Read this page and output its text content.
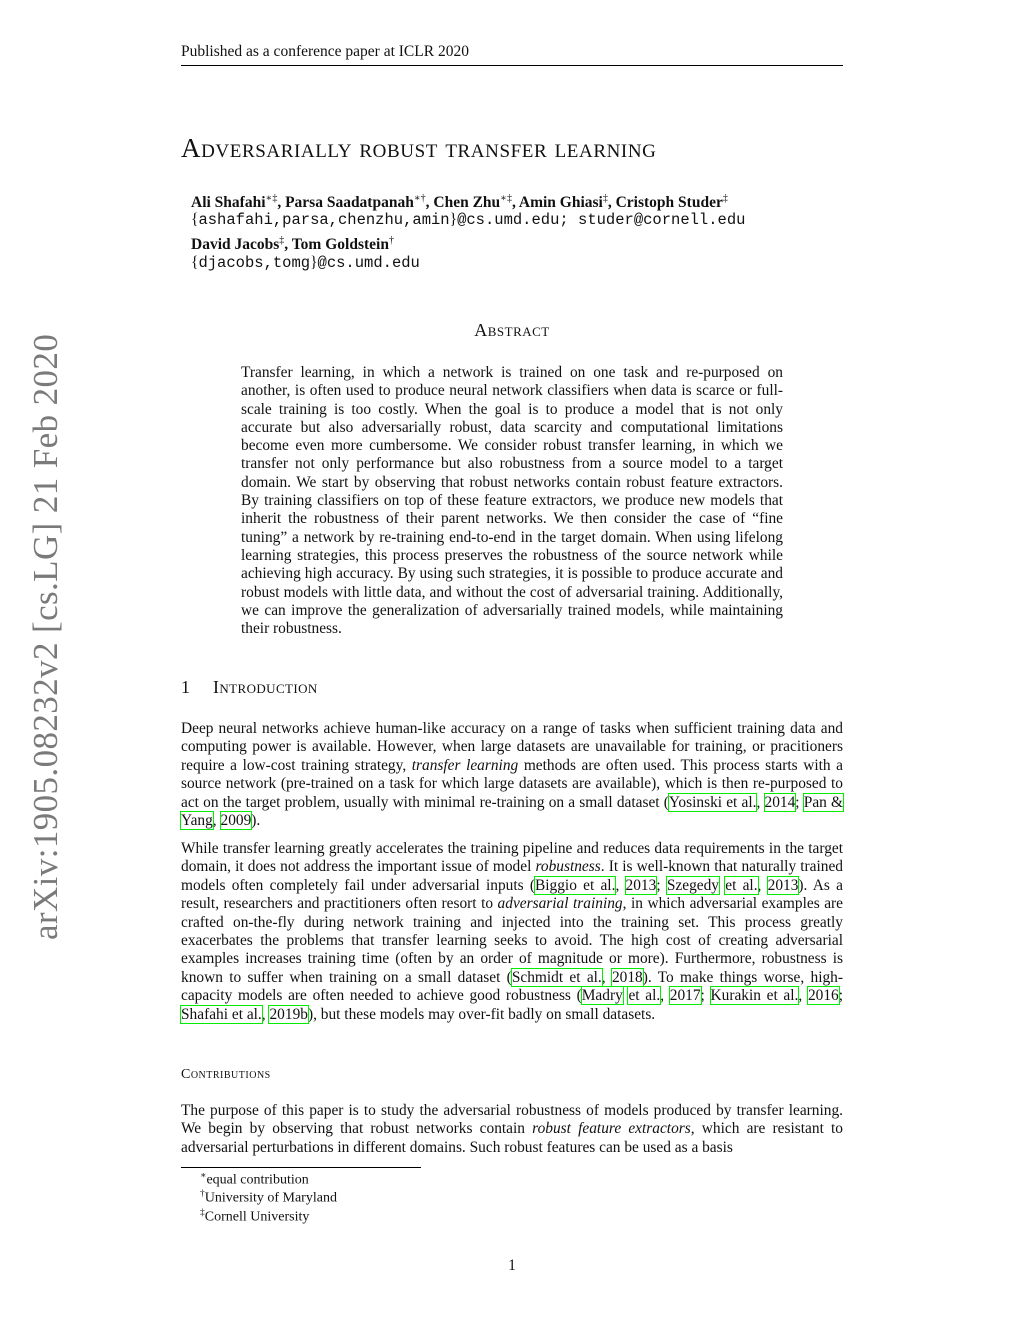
Published as a conference paper at ICLR 2020
Adversarially robust transfer learning
Ali Shafahi∗‡, Parsa Saadatpanah∗†, Chen Zhu∗‡, Amin Ghiasi‡, Cristoph Studer‡
{ashafahi,parsa,chenzhu,amin}@cs.umd.edu; studer@cornell.edu
David Jacobs‡, Tom Goldstein†
{djacobs,tomg}@cs.umd.edu
Abstract
Transfer learning, in which a network is trained on one task and re-purposed on another, is often used to produce neural network classifiers when data is scarce or full-scale training is too costly. When the goal is to produce a model that is not only accurate but also adversarially robust, data scarcity and computational limitations become even more cumbersome. We consider robust transfer learning, in which we transfer not only performance but also robustness from a source model to a target domain. We start by observing that robust networks contain robust feature extractors. By training classifiers on top of these feature extractors, we produce new models that inherit the robustness of their parent networks. We then consider the case of “fine tuning” a network by re-training end-to-end in the target domain. When using lifelong learning strategies, this process preserves the robustness of the source network while achieving high accuracy. By using such strategies, it is possible to produce accurate and robust models with little data, and without the cost of adversarial training. Additionally, we can improve the generalization of adversarially trained models, while maintaining their robustness.
1 Introduction
Deep neural networks achieve human-like accuracy on a range of tasks when sufficient training data and computing power is available. However, when large datasets are unavailable for training, or pracitioners require a low-cost training strategy, transfer learning methods are often used. This process starts with a source network (pre-trained on a task for which large datasets are available), which is then re-purposed to act on the target problem, usually with minimal re-training on a small dataset (Yosinski et al., 2014; Pan & Yang, 2009).
While transfer learning greatly accelerates the training pipeline and reduces data requirements in the target domain, it does not address the important issue of model robustness. It is well-known that naturally trained models often completely fail under adversarial inputs (Biggio et al., 2013; Szegedy et al., 2013). As a result, researchers and practitioners often resort to adversarial training, in which adversarial examples are crafted on-the-fly during network training and injected into the training set. This process greatly exacerbates the problems that transfer learning seeks to avoid. The high cost of creating adversarial examples increases training time (often by an order of magnitude or more). Furthermore, robustness is known to suffer when training on a small dataset (Schmidt et al., 2018). To make things worse, high-capacity models are often needed to achieve good robustness (Madry et al., 2017; Kurakin et al., 2016; Shafahi et al., 2019b), but these models may over-fit badly on small datasets.
Contributions
The purpose of this paper is to study the adversarial robustness of models produced by transfer learning. We begin by observing that robust networks contain robust feature extractors, which are resistant to adversarial perturbations in different domains. Such robust features can be used as a basis
∗equal contribution
†University of Maryland
‡Cornell University
1
arXiv:1905.08232v2 [cs.LG] 21 Feb 2020
